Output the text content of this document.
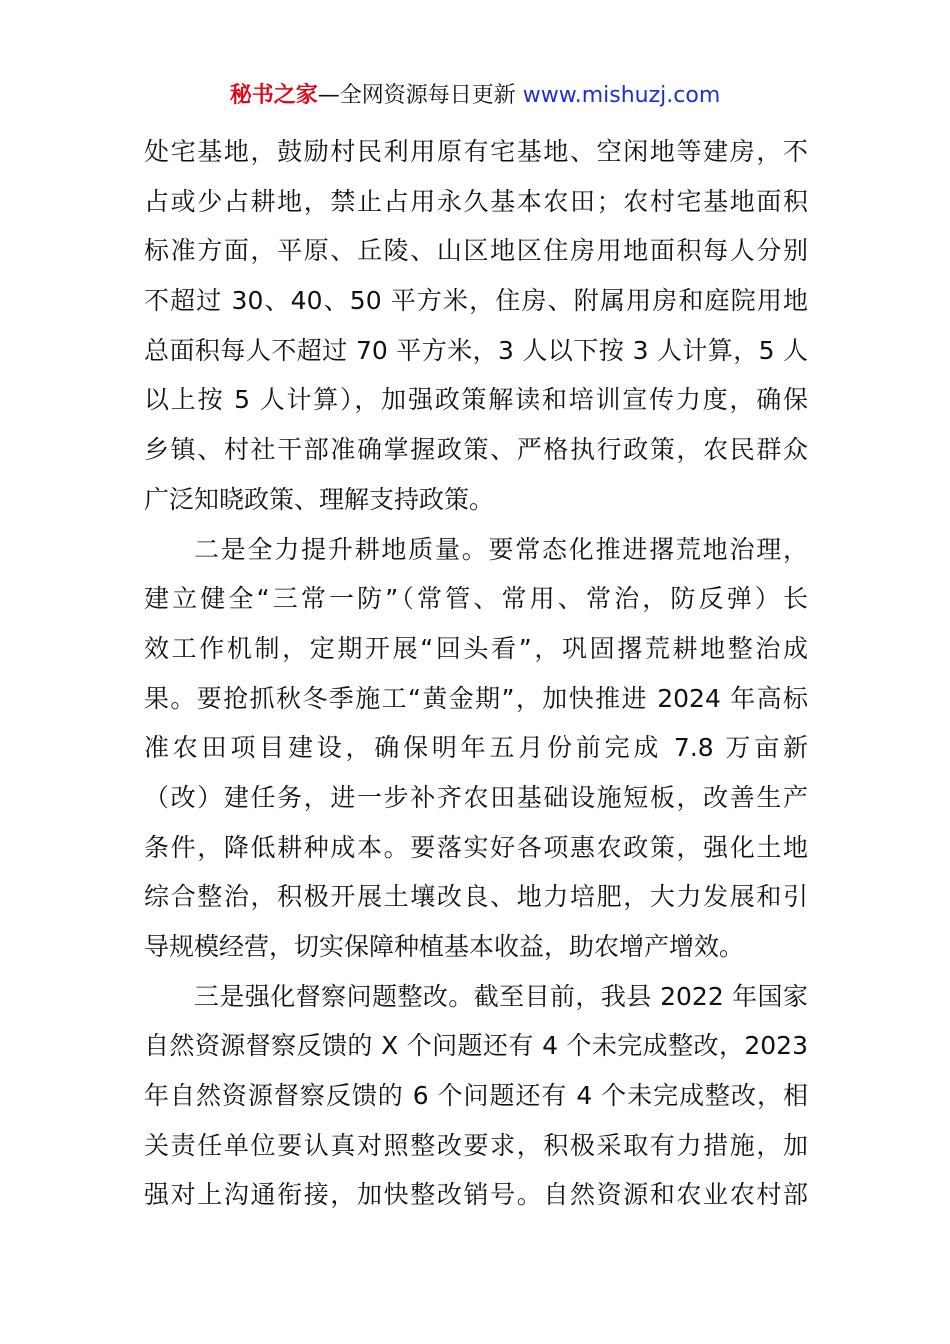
秘书之家—全网资源每日更新 www.mishuzj.com
处宅基地，鼓励村民利用原有宅基地、空闲地等建房，不
占或少占耕地，禁止占用永久基本农田；农村宅基地面积
标准方面，平原、丘陵、山区地区住房用地面积每人分别
不超过 30、40、50 平方米，住房、附属用房和庭院用地
总面积每人不超过 70 平方米，3 人以下按 3 人计算，5 人
以上按 5 人计算），加强政策解读和培训宣传力度，确保
乡镇、村社干部准确掌握政策、严格执行政策，农民群众
广泛知晓政策、理解支持政策。
二是全力提升耕地质量。要常态化推进撂荒地治理，
建立健全“三常一防”（常管、常用、常治，防反弹）长
效工作机制，定期开展“回头看”，巩固撂荒耕地整治成
果。要抢抓秋冬季施工“黄金期”，加快推进 2024 年高标
准农田项目建设，确保明年五月份前完成 7.8 万亩新
（改）建任务，进一步补齐农田基础设施短板，改善生产
条件，降低耕种成本。要落实好各项惠农政策，强化土地
综合整治，积极开展土壤改良、地力培肥，大力发展和引
导规模经营，切实保障种植基本收益，助农增产增效。
三是强化督察问题整改。截至目前，我县 2022 年国家
自然资源督察反馈的 X 个问题还有 4 个未完成整改，2023
年自然资源督察反馈的 6 个问题还有 4 个未完成整改，相
关责任单位要认真对照整改要求，积极采取有力措施，加
强对上沟通衔接，加快整改销号。自然资源和农业农村部
